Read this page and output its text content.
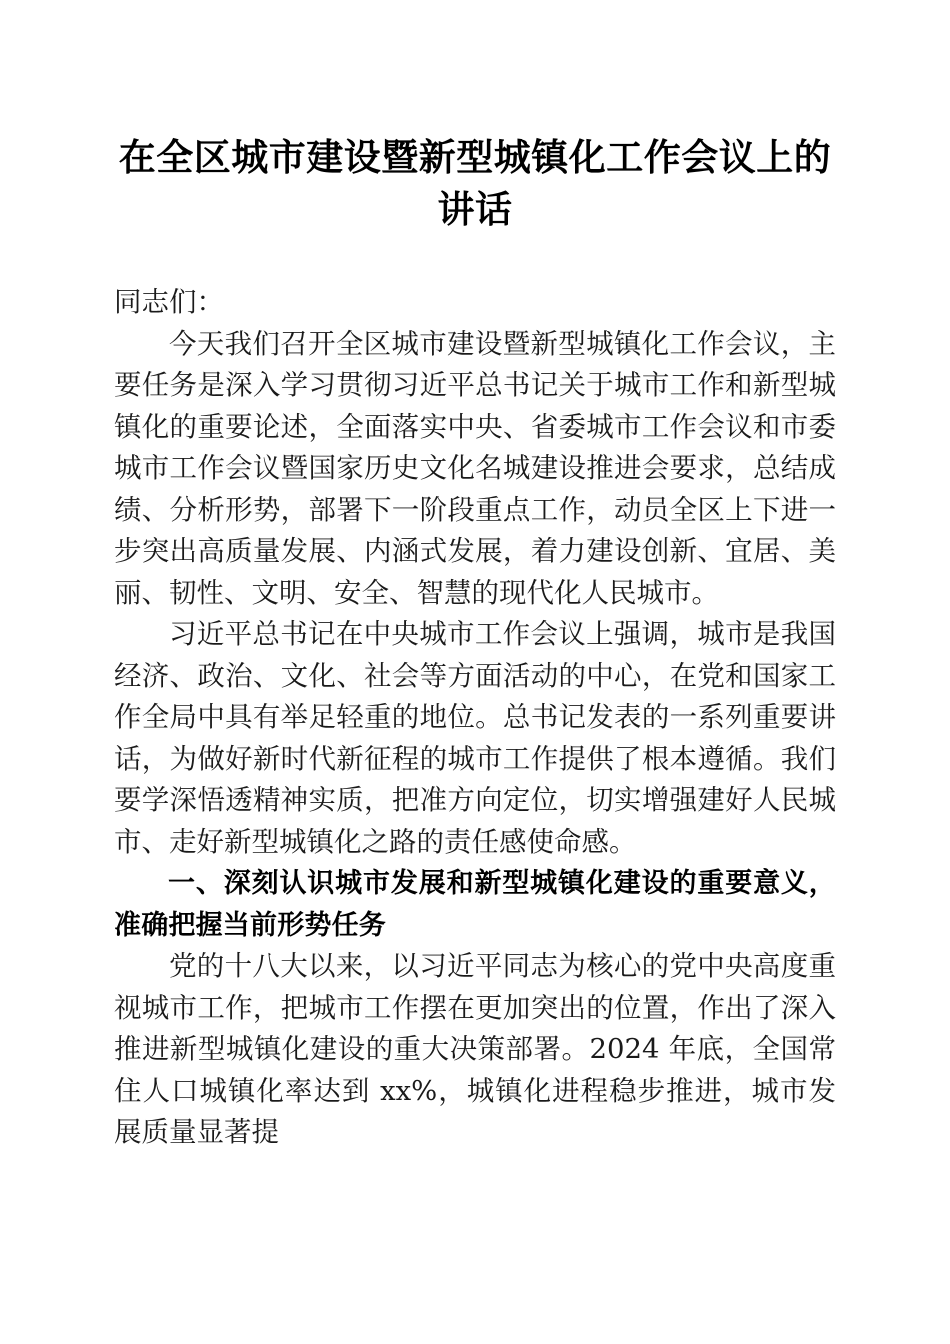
在全区城市建设暨新型城镇化工作会议上的讲话

同志们：

今天我们召开全区城市建设暨新型城镇化工作会议，主要任务是深入学习贯彻习近平总书记关于城市工作和新型城镇化的重要论述，全面落实中央、省委城市工作会议和市委城市工作会议暨国家历史文化名城建设推进会要求，总结成绩、分析形势，部署下一阶段重点工作，动员全区上下进一步突出高质量发展、内涵式发展，着力建设创新、宜居、美丽、韧性、文明、安全、智慧的现代化人民城市。

习近平总书记在中央城市工作会议上强调，城市是我国经济、政治、文化、社会等方面活动的中心，在党和国家工作全局中具有举足轻重的地位。总书记发表的一系列重要讲话，为做好新时代新征程的城市工作提供了根本遵循。我们要学深悟透精神实质，把准方向定位，切实增强建好人民城市、走好新型城镇化之路的责任感使命感。

一、深刻认识城市发展和新型城镇化建设的重要意义，准确把握当前形势任务

党的十八大以来，以习近平同志为核心的党中央高度重视城市工作，把城市工作摆在更加突出的位置，作出了深入推进新型城镇化建设的重大决策部署。2024 年底，全国常住人口城镇化率达到 xx%，城镇化进程稳步推进，城市发展质量显著提
